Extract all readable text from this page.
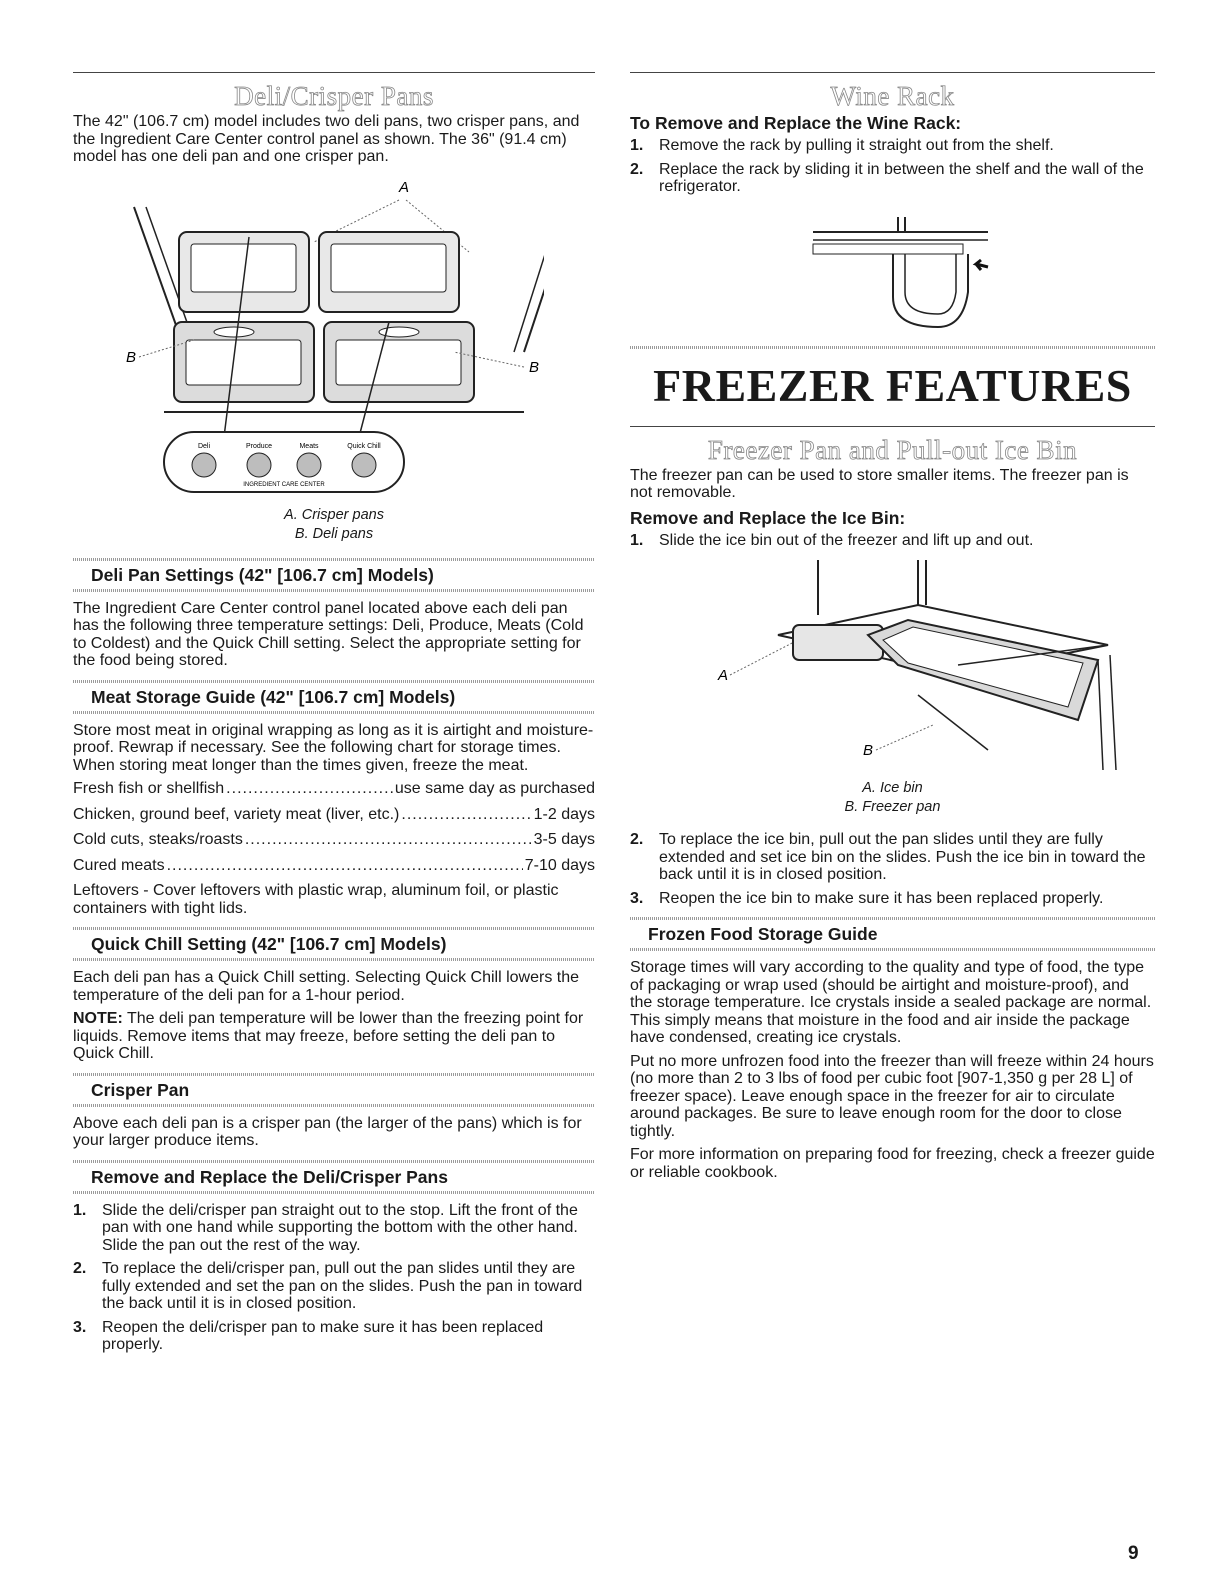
Deli/Crisper Pans

The 42" (106.7 cm) model includes two deli pans, two crisper pans, and the Ingredient Care Center control panel as shown. The 36" (91.4 cm) model has one deli pan and one crisper pan.

A
B
B
Deli	Produce	Meats	Quick Chill
INGREDIENT CARE CENTER
A. Crisper pans
B. Deli pans
Deli Pan Settings (42" [106.7 cm] Models)

The Ingredient Care Center control panel located above each deli pan has the following three temperature settings: Deli, Produce, Meats (Cold to Coldest) and the Quick Chill setting. Select the appropriate setting for the food being stored.

Meat Storage Guide (42" [106.7 cm] Models)

Store most meat in original wrapping as long as it is airtight and moisture-proof. Rewrap if necessary. See the following chart for storage times. When storing meat longer than the times given, freeze the meat.

Fresh fish or shellfish .....	use same day as purchased
Chicken, ground beef, variety meat (liver, etc.) .....	1-2 days
Cold cuts, steaks/roasts .....	3-5 days
Cured meats .....	7-10 days

Leftovers - Cover leftovers with plastic wrap, aluminum foil, or plastic containers with tight lids.

Quick Chill Setting (42" [106.7 cm] Models)

Each deli pan has a Quick Chill setting. Selecting Quick Chill lowers the temperature of the deli pan for a 1-hour period.

NOTE: The deli pan temperature will be lower than the freezing point for liquids. Remove items that may freeze, before setting the deli pan to Quick Chill.

Crisper Pan

Above each deli pan is a crisper pan (the larger of the pans) which is for your larger produce items.

Remove and Replace the Deli/Crisper Pans
1. Slide the deli/crisper pan straight out to the stop. Lift the front of the pan with one hand while supporting the bottom with the other hand. Slide the pan out the rest of the way.
2. To replace the deli/crisper pan, pull out the pan slides until they are fully extended and set the pan on the slides. Push the pan in toward the back until it is in closed position.
3. Reopen the deli/crisper pan to make sure it has been replaced properly.
Wine Rack
To Remove and Replace the Wine Rack:
1. Remove the rack by pulling it straight out from the shelf.
2. Replace the rack by sliding it in between the shelf and the wall of the refrigerator.
FREEZER FEATURES
Freezer Pan and Pull-out Ice Bin

The freezer pan can be used to store smaller items. The freezer pan is not removable.

Remove and Replace the Ice Bin:
1. Slide the ice bin out of the freezer and lift up and out.
A
B
A. Ice bin
B. Freezer pan
2. To replace the ice bin, pull out the pan slides until they are fully extended and set ice bin on the slides. Push the ice bin in toward the back until it is in closed position.
3. Reopen the ice bin to make sure it has been replaced properly.
Frozen Food Storage Guide

Storage times will vary according to the quality and type of food, the type of packaging or wrap used (should be airtight and moisture-proof), and the storage temperature. Ice crystals inside a sealed package are normal. This simply means that moisture in the food and air inside the package have condensed, creating ice crystals.

Put no more unfrozen food into the freezer than will freeze within 24 hours (no more than 2 to 3 lbs of food per cubic foot [907-1,350 g per 28 L] of freezer space). Leave enough space in the freezer for air to circulate around packages. Be sure to leave enough room for the door to close tightly.

For more information on preparing food for freezing, check a freezer guide or reliable cookbook.

9
